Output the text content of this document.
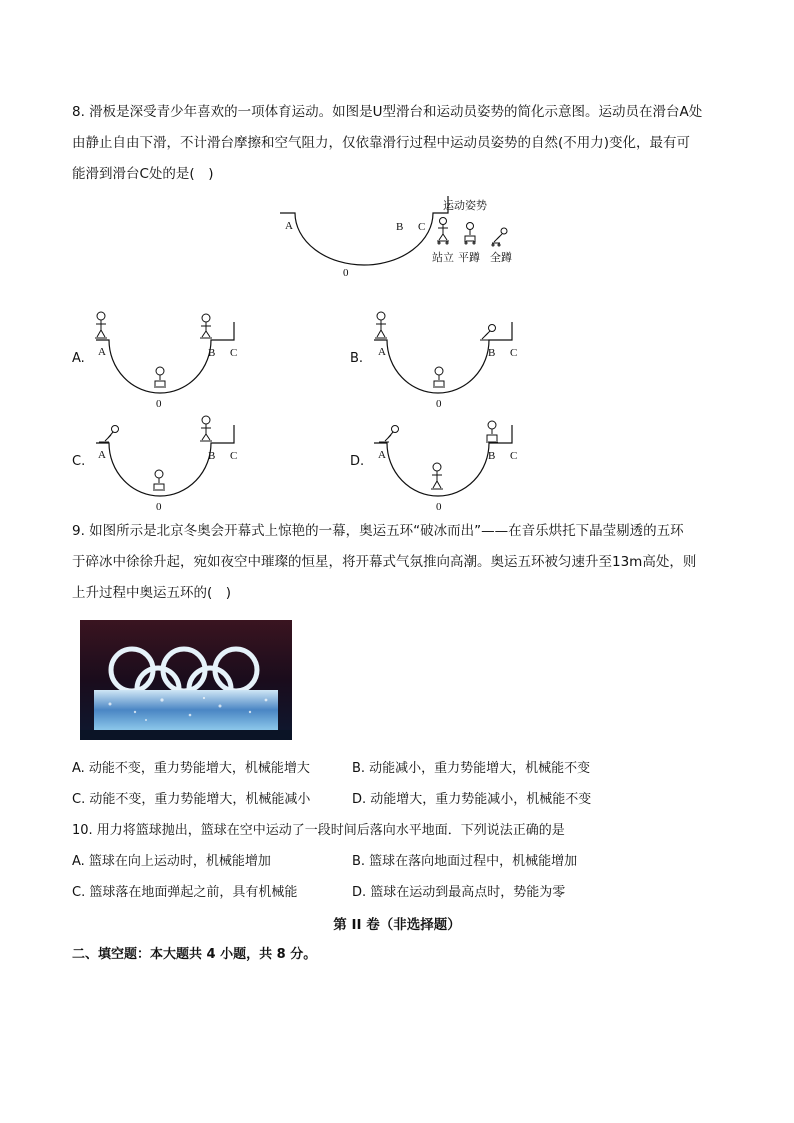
8. 滑板是深受青少年喜欢的一项体育运动。如图是U型滑台和运动员姿势的简化示意图。运动员在滑台A处
由静止自由下滑，不计滑台摩擦和空气阻力，仅依靠滑行过程中运动员姿势的自然(不用力)变化，最有可
能滑到滑台C处的是(　)
A	B C
0
运动姿势
站立 平蹲 全蹲
A. A	B C
0
B. A	B C
0
C. A	B C
0
D. A	B C
0
9. 如图所示是北京冬奥会开幕式上惊艳的一幕，奥运五环“破冰而出”——在音乐烘托下晶莹剔透的五环
于碎冰中徐徐升起，宛如夜空中璀璨的恒星，将开幕式气氛推向高潮。奥运五环被匀速升至13m高处，则
上升过程中奥运五环的(　)
A. 动能不变，重力势能增大，机械能增大	B. 动能减小，重力势能增大，机械能不变
C. 动能不变，重力势能增大，机械能减小	D. 动能增大，重力势能减小，机械能不变
10. 用力将篮球抛出，篮球在空中运动了一段时间后落向水平地面．下列说法正确的是
A. 篮球在向上运动时，机械能增加	B. 篮球在落向地面过程中，机械能增加
C. 篮球落在地面弹起之前，具有机械能	D. 篮球在运动到最高点时，势能为零
第 II 卷（非选择题）
二、填空题：本大题共 4 小题，共 8 分。
